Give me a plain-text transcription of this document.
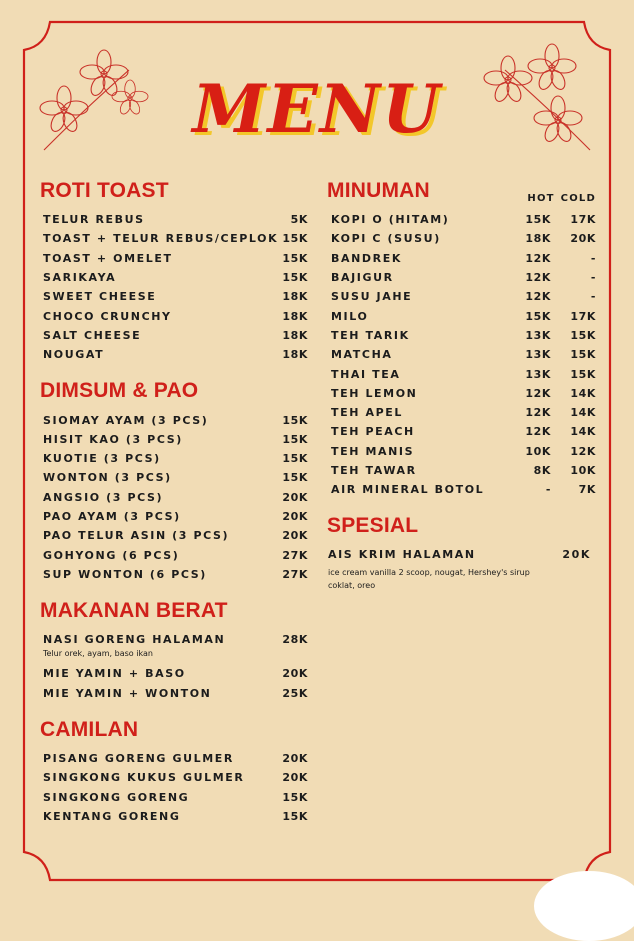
MENU
ROTI TOAST
TELUR REBUS	5K
TOAST + TELUR REBUS/CEPLOK 15K
TOAST + OMELET	15K
SARIKAYA	15K
SWEET CHEESE	18K
CHOCO CRUNCHY	18K
SALT CHEESE	18K
NOUGAT	18K
DIMSUM & PAO
SIOMAY AYAM (3 PCS)	15K
HISIT KAO (3 PCS)	15K
KUOTIE (3 PCS)	15K
WONTON (3 PCS)	15K
ANGSIO (3 PCS)	20K
PAO AYAM (3 PCS)	20K
PAO TELUR ASIN (3 PCS)	20K
GOHYONG (6 PCS)	27K
SUP WONTON (6 PCS)	27K
MAKANAN BERAT
NASI GORENG HALAMAN	28K
Telur orek, ayam, baso ikan
MIE YAMIN + BASO	20K
MIE YAMIN + WONTON	25K
CAMILAN
PISANG GORENG GULMER	20K
SINGKONG KUKUS GULMER	20K
SINGKONG GORENG	15K
KENTANG GORENG	15K
MINUMAN	HOT COLD
KOPI O (HITAM)	15K	17K
KOPI C (SUSU)	18K	20K
BANDREK	12K	-
BAJIGUR	12K	-
SUSU JAHE	12K	-
MILO	15K	17K
TEH TARIK	13K	15K
MATCHA	13K	15K
THAI TEA	13K	15K
TEH LEMON	12K	14K
TEH APEL	12K	14K
TEH PEACH	12K	14K
TEH MANIS	10K	12K
TEH TAWAR	8K	10K
AIR MINERAL BOTOL	-	7K
SPESIAL
AIS KRIM HALAMAN	20K
ice cream vanilla 2 scoop, nougat, Hershey's sirup coklat, oreo
